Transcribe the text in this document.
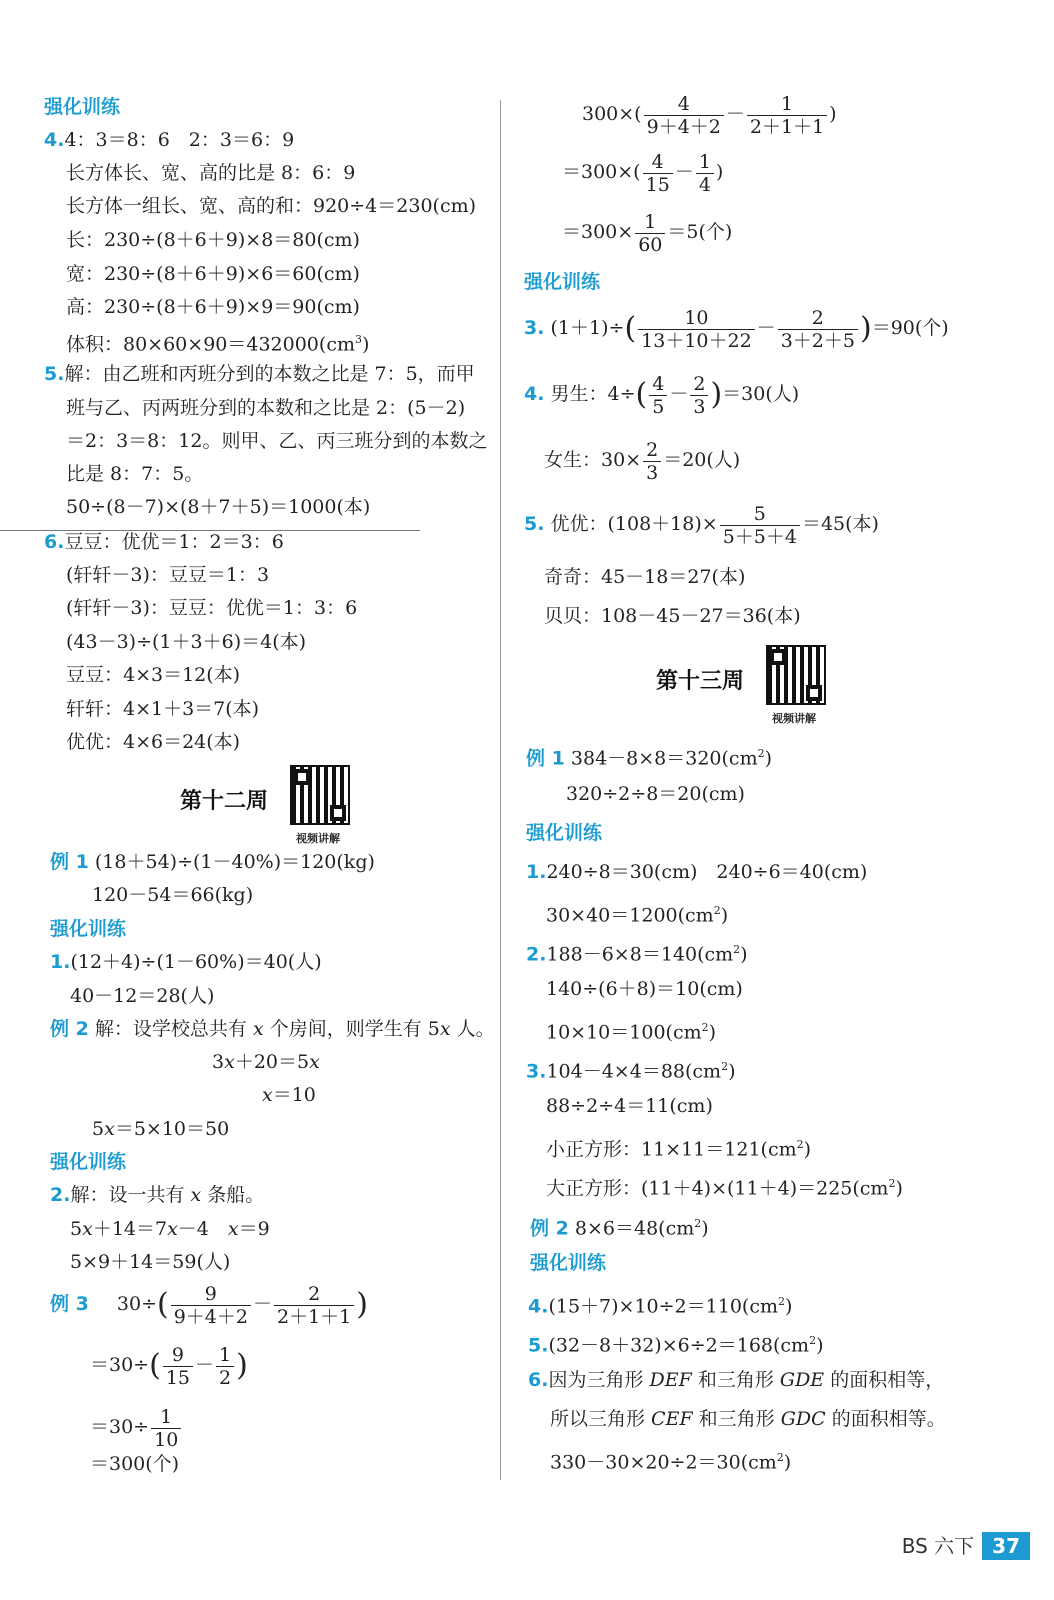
强化训练
4.4：3＝8：6　2：3＝6：9
长方体长、宽、高的比是 8：6：9
长方体一组长、宽、高的和：920÷4＝230(cm)
长：230÷(8＋6＋9)×8＝80(cm)
宽：230÷(8＋6＋9)×6＝60(cm)
高：230÷(8＋6＋9)×9＝90(cm)
体积：$80\times 60\times 90=432000(cm^3)$
5.解：由乙班和丙班分到的本数之比是 7：5，而甲
班与乙、丙两班分到的本数和之比是 2：(5－2)
＝2：3＝8：12。则甲、乙、丙三班分到的本数之
比是 8：7：5。
50÷(8－7)×(8＋7＋5)＝1000(本)
6.豆豆：优优＝1：2＝3：6
(轩轩－3)：豆豆＝1：3
(轩轩－3)：豆豆：优优＝1：3：6
(43－3)÷(1＋3＋6)＝4(本)
豆豆：4×3＝12(本)
轩轩：4×1＋3＝7(本)
优优：4×6＝24(本)
第十二周
视频讲解
例 1 (18＋54)÷(1－40%)＝120(kg)
120－54＝66(kg)
强化训练
1.(12＋4)÷(1－60%)＝40(人)
40－12＝28(人)
例 2 解：设学校总共有 x 个房间，则学生有 5x 人。
3x＋20＝5x
x＝10
5x＝5×10＝50
强化训练
2.解：设一共有 x 条船。
5x＋14＝7x－4　x＝9
5×9＋14＝59(人)
例 3 $30\div( \frac{9}{9+4+2} - \frac{2}{2+1+1}$ )
$=30\div( \frac{9}{15} - \frac{1}{2}$ )
$=30\div \frac{1}{10}$
＝300(个)
$300\times( \frac{4}{9+4+2} - \frac{1}{2+1+1}$ )
$=300\times( \frac{4}{15} - \frac{1}{4}$ )
$=300\times \frac{1}{60} =5$(个)
强化训练
3. $(1+1)\div( \frac{10}{13+10+22} - \frac{2}{3+2+5} )=90$(个)
4. 男生：$4\div( \frac{4}{5} - \frac{2}{3} )=30$(人)
女生：$30\times \frac{2}{3} =20$(人)
5. 优优：$(108+18)\times \frac{5}{5+5+4} =45$(本)
奇奇：45－18＝27(本)
贝贝：108－45－27＝36(本)
第十三周
视频讲解
例 1 $384-8\times 8=320(cm^2)$
320÷2÷8＝20(cm)
强化训练
1.240÷8＝30(cm)　240÷6＝40(cm)
$30\times 40=1200(cm^2)$
$2.188-6\times 8=140(cm^2)$
140÷(6＋8)＝10(cm)
$10\times 10=100(cm^2)$
$3.104-4\times 4=88(cm^2)$
88÷2÷4＝11(cm)
小正方形：$11\times 11=121(cm^2)$
大正方形：$(11+4)\times(11+4)=225(cm^2)$
例 2 $8\times 6=48(cm^2)$
强化训练
$4.(15+7)\times 10\div 2=110(cm^2)$
$5.(32-8+32)\times 6\div 2=168(cm^2)$
6.因为三角形 DEF 和三角形 GDE 的面积相等，
所以三角形 CEF 和三角形 GDC 的面积相等。
$330-30\times 20\div 2=30(cm^2)$
BS 六下 37
